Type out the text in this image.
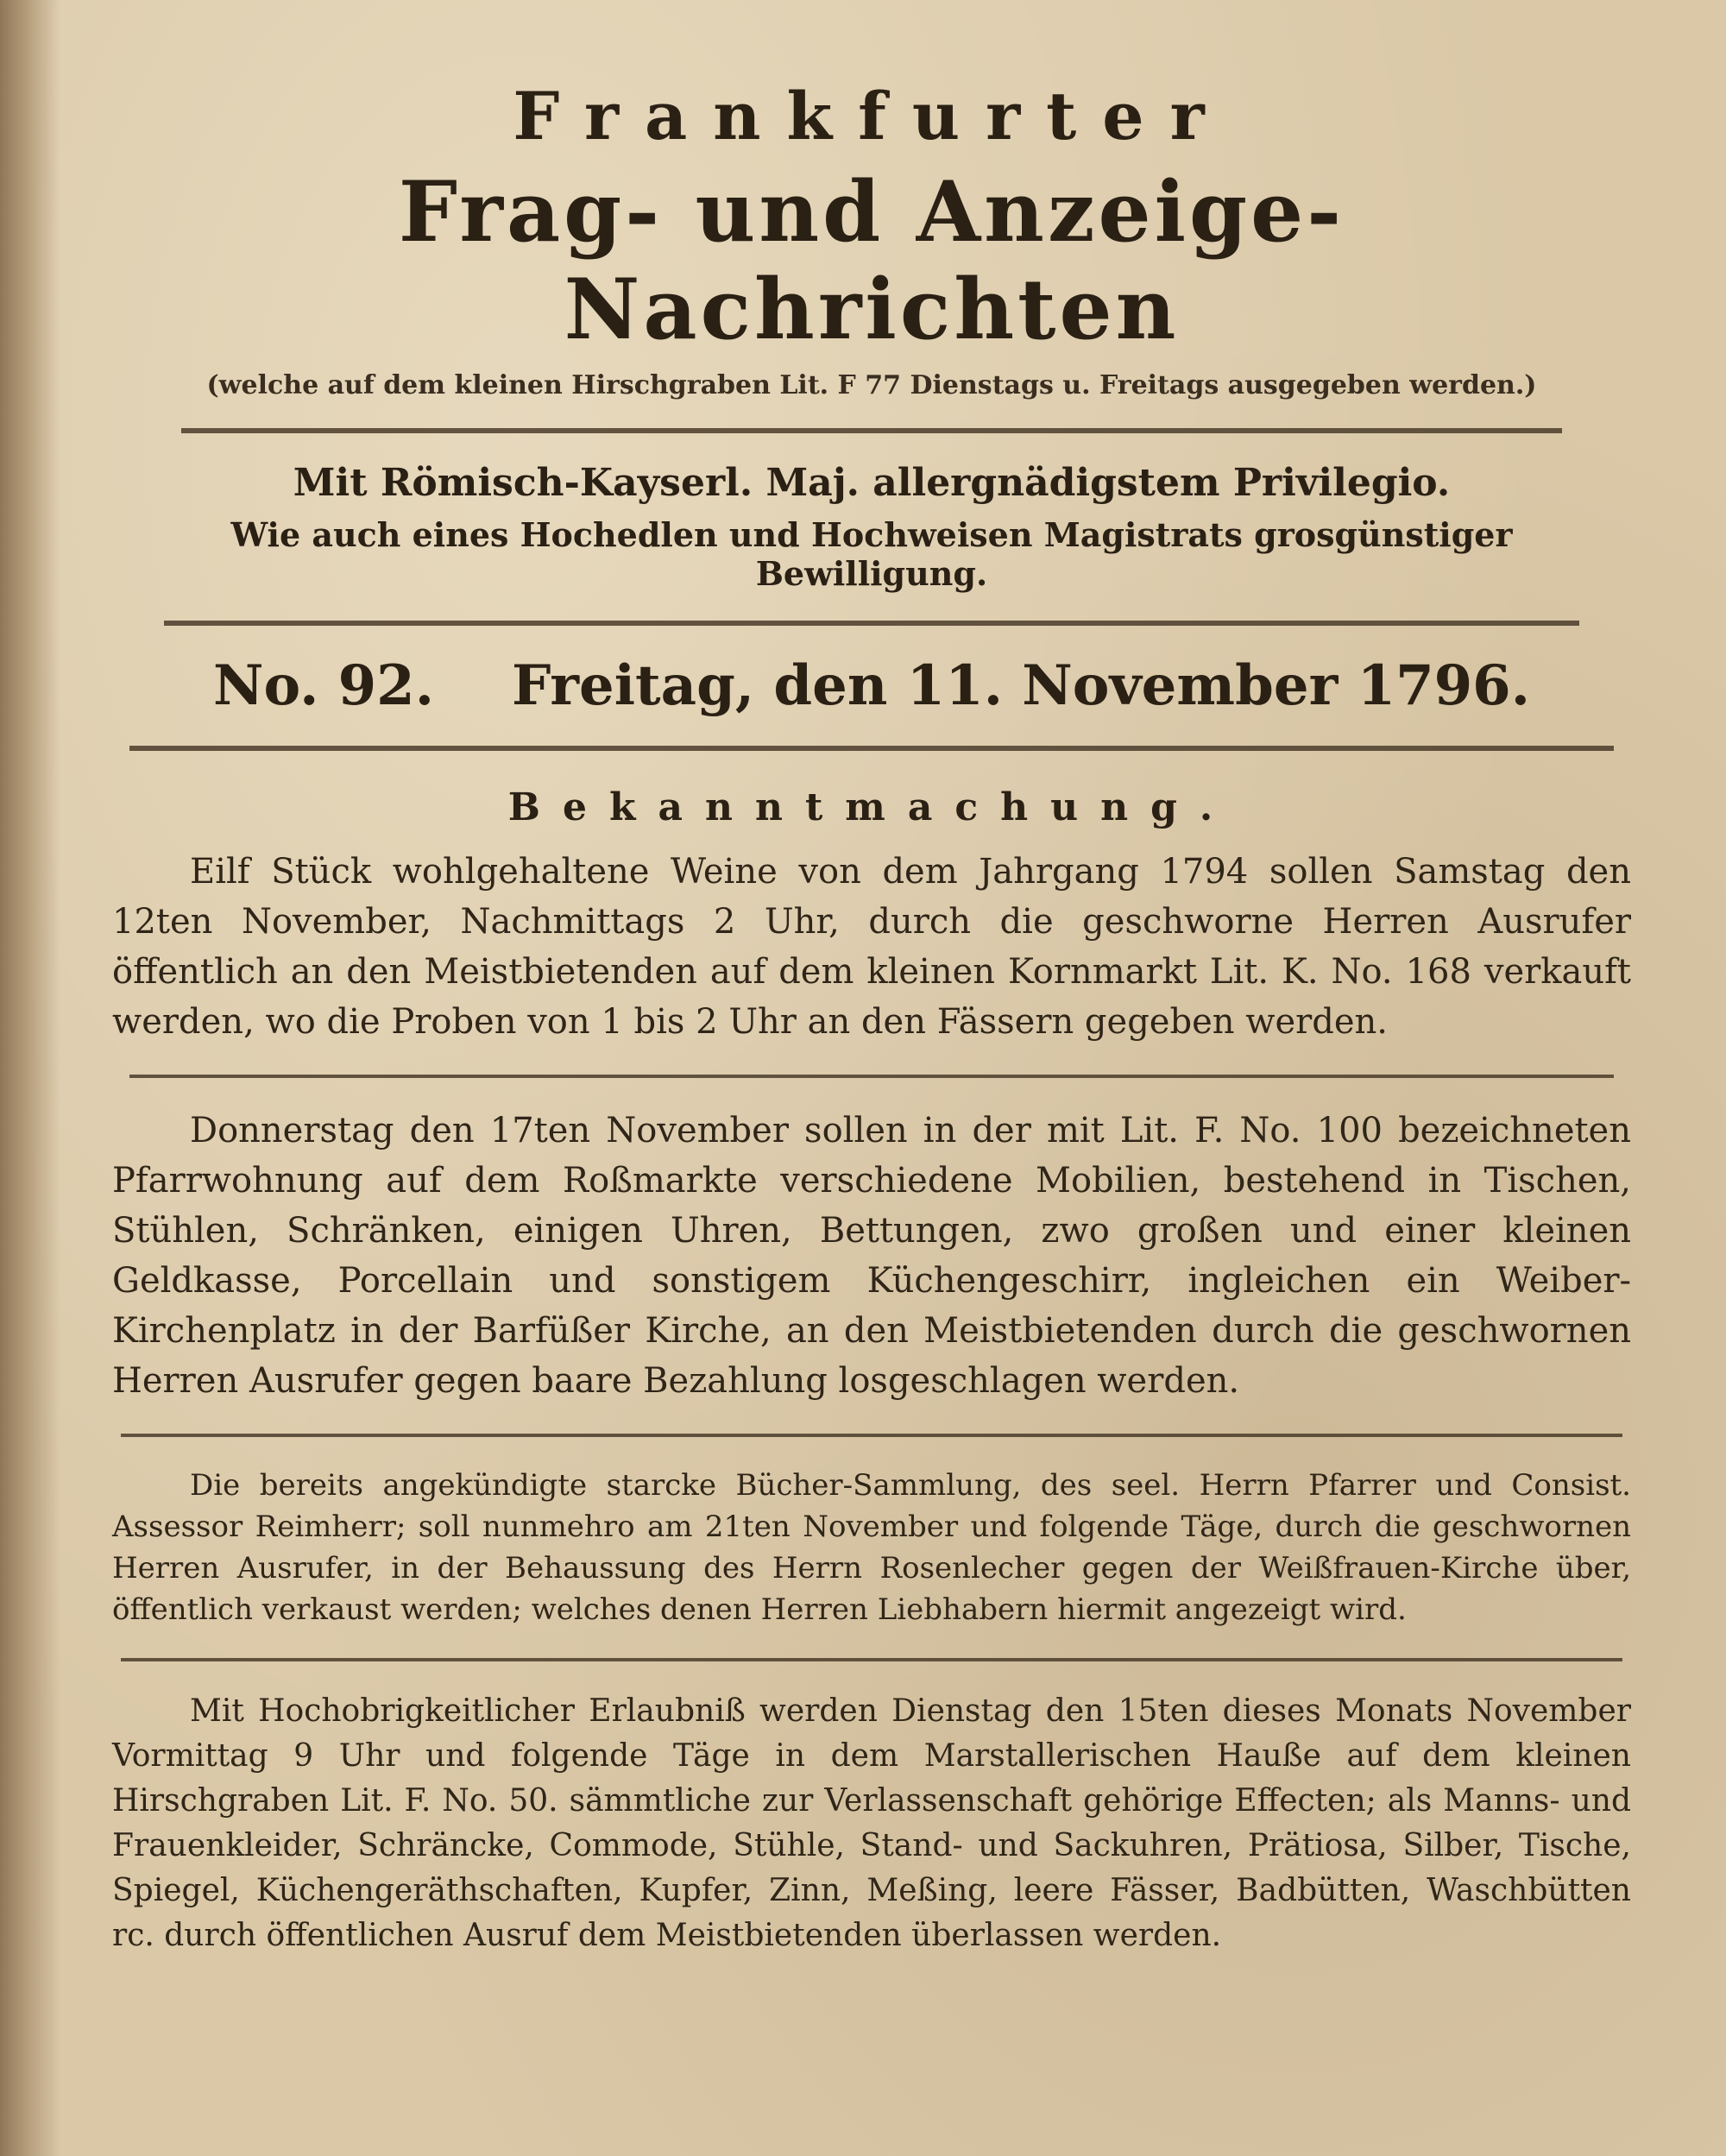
Frankfurter
Frag- und Anzeige-Nachrichten
(welche auf dem kleinen Hirschgraben Lit. F 77 Dienstags u. Freitags ausgegeben werden.)
Mit Römisch-Kayserl. Maj. allergnädigstem Privilegio.
Wie auch eines Hochedlen und Hochweisen Magistrats grosgünstiger Bewilligung.
No. 92. Freitag, den 11. November 1796.
Bekanntmachung.

Eilf Stück wohlgehaltene Weine von dem Jahrgang 1794 sollen Samstag den 12ten November, Nachmittags 2 Uhr, durch die geschworne Herren Ausrufer öffentlich an den Meistbietenden auf dem kleinen Kornmarkt Lit. K. No. 168 verkauft werden, wo die Proben von 1 bis 2 Uhr an den Fässern gegeben werden.

Donnerstag den 17ten November sollen in der mit Lit. F. No. 100 bezeichneten Pfarrwohnung auf dem Roßmarkte verschiedene Mobilien, bestehend in Tischen, Stühlen, Schränken, einigen Uhren, Bettungen, zwo großen und einer kleinen Geldkasse, Porcellain und sonstigem Küchengeschirr, ingleichen ein Weiber-Kirchenplatz in der Barfüßer Kirche, an den Meistbietenden durch die geschwornen Herren Ausrufer gegen baare Bezahlung losgeschlagen werden.

Die bereits angekündigte starcke Bücher-Sammlung, des seel. Herrn Pfarrer und Consist. Assessor Reimherr; soll nunmehro am 21ten November und folgende Täge, durch die geschwornen Herren Ausrufer, in der Behaussung des Herrn Rosenlecher gegen der Weißfrauen-Kirche über, öffentlich verkaust werden; welches denen Herren Liebhabern hiermit angezeigt wird.

Mit Hochobrigkeitlicher Erlaubniß werden Dienstag den 15ten dieses Monats November Vormittag 9 Uhr und folgende Täge in dem Marstallerischen Hauße auf dem kleinen Hirschgraben Lit. F. No. 50. sämmtliche zur Verlassenschaft gehörige Effecten; als Manns- und Frauenkleider, Schräncke, Commode, Stühle, Stand- und Sackuhren, Prätiosa, Silber, Tische, Spiegel, Küchengeräthschaften, Kupfer, Zinn, Meßing, leere Fässer, Badbütten, Waschbütten rc. durch öffentlichen Ausruf dem Meistbietenden überlassen werden.
